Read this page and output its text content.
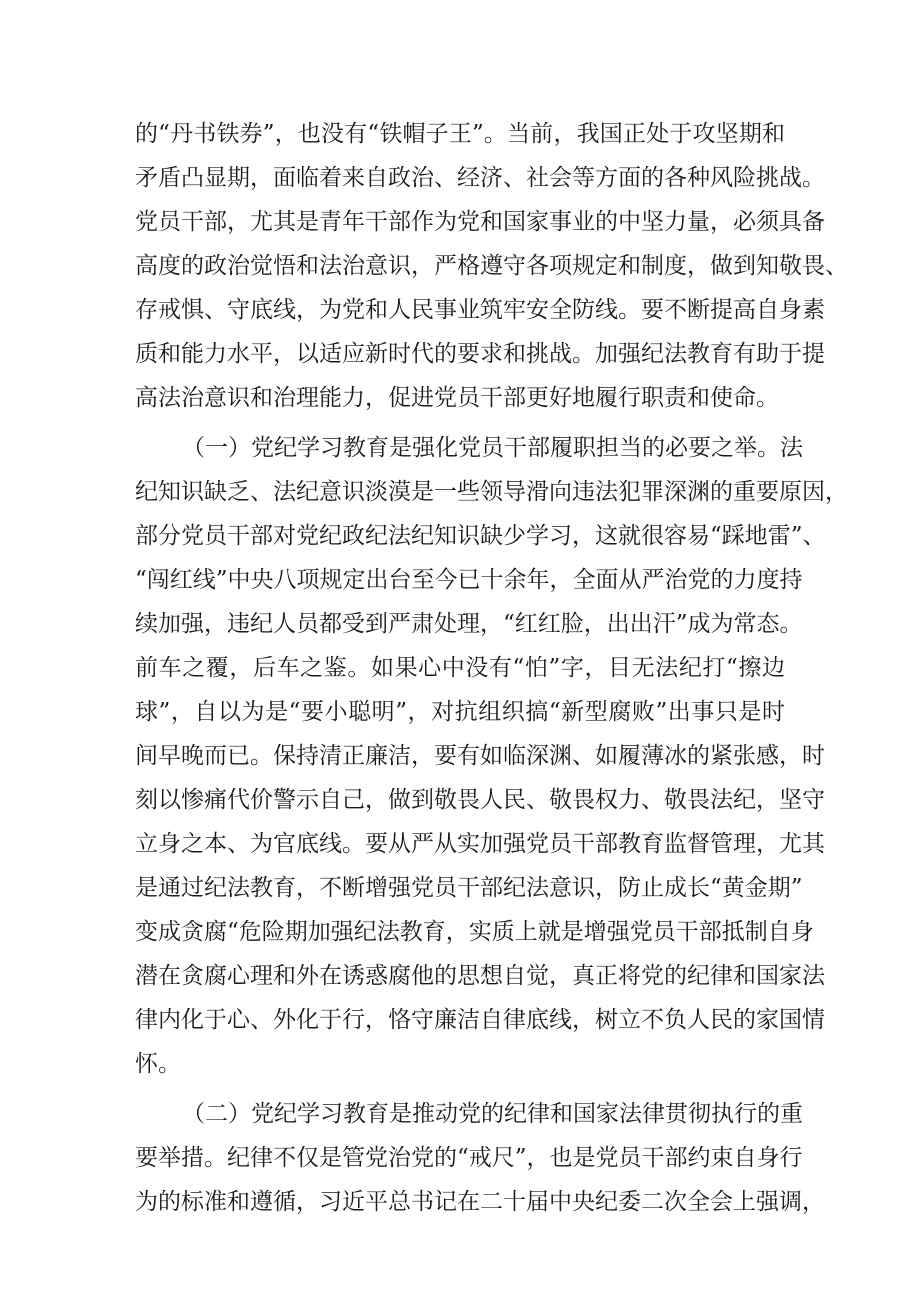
的“丹书铁券”，也没有“铁帽子王”。当前，我国正处于攻坚期和
矛盾凸显期，面临着来自政治、经济、社会等方面的各种风险挑战。
党员干部，尤其是青年干部作为党和国家事业的中坚力量，必须具备
高度的政治觉悟和法治意识，严格遵守各项规定和制度，做到知敬畏、
存戒惧、守底线，为党和人民事业筑牢安全防线。要不断提高自身素
质和能力水平，以适应新时代的要求和挑战。加强纪法教育有助于提
高法治意识和治理能力，促进党员干部更好地履行职责和使命。
（一）党纪学习教育是强化党员干部履职担当的必要之举。法
纪知识缺乏、法纪意识淡漠是一些领导滑向违法犯罪深渊的重要原因，
部分党员干部对党纪政纪法纪知识缺少学习，这就很容易“踩地雷”、
“闯红线”中央八项规定出台至今已十余年，全面从严治党的力度持
续加强，违纪人员都受到严肃处理，“红红脸，出出汗”成为常态。
前车之覆，后车之鉴。如果心中没有“怕”字，目无法纪打“擦边
球”，自以为是“要小聪明”，对抗组织搞“新型腐败”出事只是时
间早晚而已。保持清正廉洁，要有如临深渊、如履薄冰的紧张感，时
刻以惨痛代价警示自己，做到敬畏人民、敬畏权力、敬畏法纪，坚守
立身之本、为官底线。要从严从实加强党员干部教育监督管理，尤其
是通过纪法教育，不断增强党员干部纪法意识，防止成长“黄金期”
变成贪腐“危险期加强纪法教育，实质上就是增强党员干部抵制自身
潜在贪腐心理和外在诱惑腐他的思想自觉，真正将党的纪律和国家法
律内化于心、外化于行，恪守廉洁自律底线，树立不负人民的家国情
怀。
（二）党纪学习教育是推动党的纪律和国家法律贯彻执行的重
要举措。纪律不仅是管党治党的“戒尺”，也是党员干部约束自身行
为的标准和遵循，习近平总书记在二十届中央纪委二次全会上强调，
